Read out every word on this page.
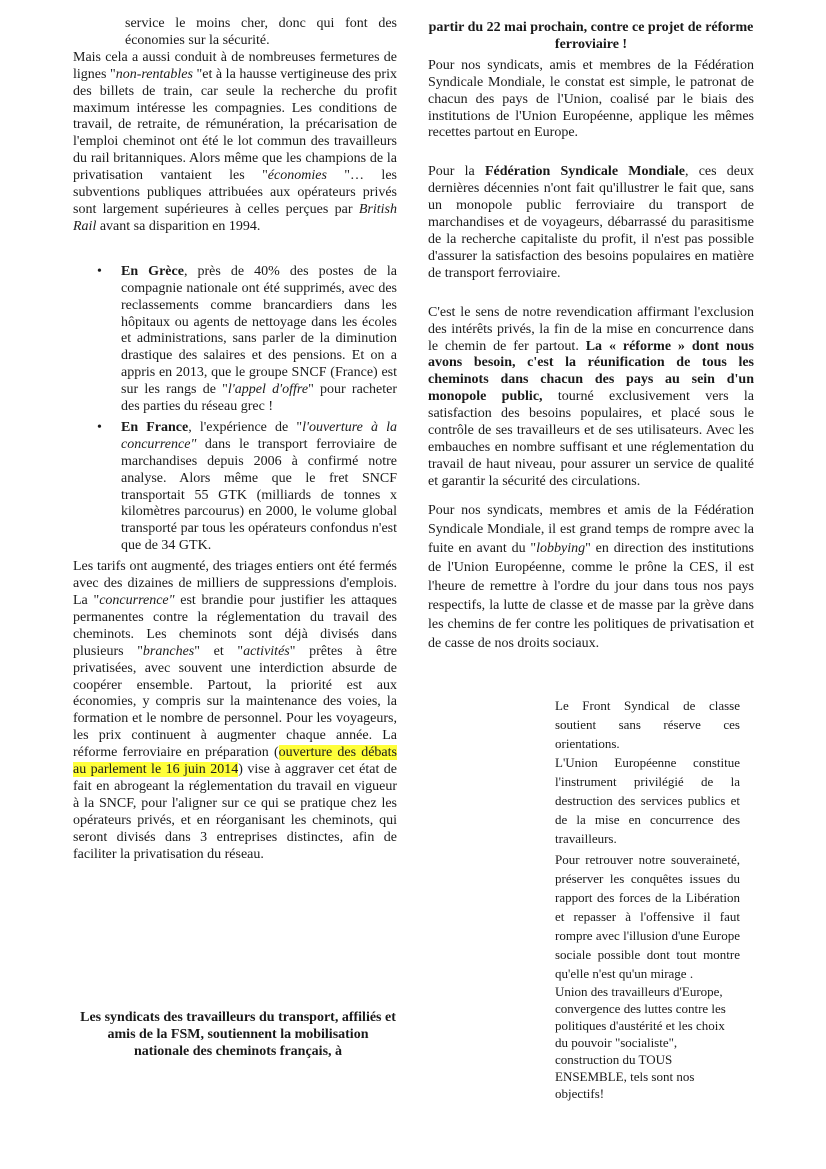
service le moins cher, donc qui font des économies sur la sécurité.

Mais cela a aussi conduit à de nombreuses fermetures de lignes "non-rentables "et à la hausse vertigineuse des prix des billets de train, car seule la recherche du profit maximum intéresse les compagnies. Les conditions de travail, de retraite, de rémunération, la précarisation de l'emploi cheminot ont été le lot commun des travailleurs du rail britanniques. Alors même que les champions de la privatisation vantaient les "économies "… les subventions publiques attribuées aux opérateurs privés sont largement supérieures à celles perçues par British Rail avant sa disparition en 1994.

• En Grèce, près de 40% des postes de la compagnie nationale ont été supprimés, avec des reclassements comme brancardiers dans les hôpitaux ou agents de nettoyage dans les écoles et administrations, sans parler de la diminution drastique des salaires et des pensions. Et on a appris en 2013, que le groupe SNCF (France) est sur les rangs de "l'appel d'offre" pour racheter des parties du réseau grec !
• En France, l'expérience de "l'ouverture à la concurrence" dans le transport ferroviaire de marchandises depuis 2006 à confirmé notre analyse. Alors même que le fret SNCF transportait 55 GTK (milliards de tonnes x kilomètres parcourus) en 2000, le volume global transporté par tous les opérateurs confondus n'est que de 34 GTK.

Les tarifs ont augmenté, des triages entiers ont été fermés avec des dizaines de milliers de suppressions d'emplois. La "concurrence" est brandie pour justifier les attaques permanentes contre la réglementation du travail des cheminots. Les cheminots sont déjà divisés dans plusieurs "branches" et "activités" prêtes à être privatisées, avec souvent une interdiction absurde de coopérer ensemble. Partout, la priorité est aux économies, y compris sur la maintenance des voies, la formation et le nombre de personnel. Pour les voyageurs, les prix continuent à augmenter chaque année. La réforme ferroviaire en préparation (ouverture des débats au parlement le 16 juin 2014) vise à aggraver cet état de fait en abrogeant la réglementation du travail en vigueur à la SNCF, pour l'aligner sur ce qui se pratique chez les opérateurs privés, et en réorganisant les cheminots, qui seront divisés dans 3 entreprises distinctes, afin de faciliter la privatisation du réseau.

Les syndicats des travailleurs du transport, affiliés et amis de la FSM, soutiennent la mobilisation nationale des cheminots français, à

partir du 22 mai prochain, contre ce projet de réforme ferroviaire !

Pour nos syndicats, amis et membres de la Fédération Syndicale Mondiale, le constat est simple, le patronat de chacun des pays de l'Union, coalisé par le biais des institutions de l'Union Européenne, applique les mêmes recettes partout en Europe.

Pour la Fédération Syndicale Mondiale, ces deux dernières décennies n'ont fait qu'illustrer le fait que, sans un monopole public ferroviaire du transport de marchandises et de voyageurs, débarrassé du parasitisme de la recherche capitaliste du profit, il n'est pas possible d'assurer la satisfaction des besoins populaires en matière de transport ferroviaire.

C'est le sens de notre revendication affirmant l'exclusion des intérêts privés, la fin de la mise en concurrence dans le chemin de fer partout. La « réforme » dont nous avons besoin, c'est la réunification de tous les cheminots dans chacun des pays au sein d'un monopole public, tourné exclusivement vers la satisfaction des besoins populaires, et placé sous le contrôle de ses travailleurs et de ses utilisateurs. Avec les embauches en nombre suffisant et une réglementation du travail de haut niveau, pour assurer un service de qualité et garantir la sécurité des circulations.

Pour nos syndicats, membres et amis de la Fédération Syndicale Mondiale, il est grand temps de rompre avec la fuite en avant du "lobbying" en direction des institutions de l'Union Européenne, comme le prône la CES, il est l'heure de remettre à l'ordre du jour dans tous nos pays respectifs, la lutte de classe et de masse par la grève dans les chemins de fer contre les politiques de privatisation et de casse de nos droits sociaux.

Le Front Syndical de classe soutient sans réserve ces orientations.

L'Union Européenne constitue l'instrument privilégié de la destruction des services publics et de la mise en concurrence des travailleurs.

Pour retrouver notre souveraineté, préserver les conquêtes issues du rapport des forces de la Libération et repasser à l'offensive il faut rompre avec l'illusion d'une Europe sociale possible dont tout montre qu'elle n'est qu'un mirage .

Union des travailleurs d'Europe, convergence des luttes contre les politiques d'austérité et les choix du pouvoir "socialiste", construction du TOUS ENSEMBLE, tels sont nos objectifs!
